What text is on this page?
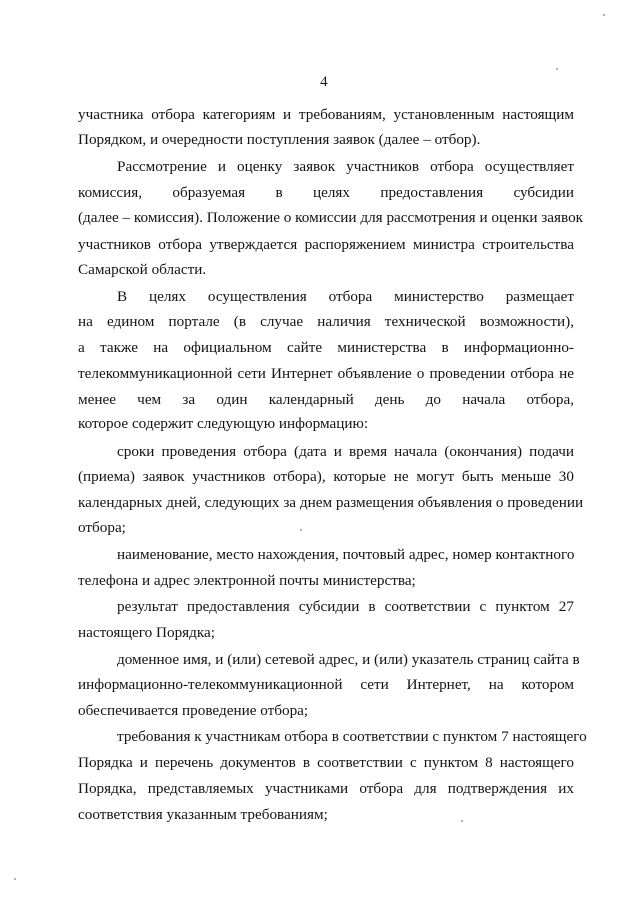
4
участника отбора категориям и требованиям, установленным настоящим
Порядком, и очередности поступления заявок (далее – отбор).
Рассмотрение и оценку заявок участников отбора осуществляет
комиссия, образуемая в целях предоставления субсидии
(далее – комиссия). Положение о комиссии для рассмотрения и оценки заявок
участников отбора утверждается распоряжением министра строительства
Самарской области.
В целях осуществления отбора министерство размещает
на едином портале (в случае наличия технической возможности),
а также на официальном сайте министерства в информационно-
телекоммуникационной сети Интернет объявление о проведении отбора не
менее чем за один календарный день до начала отбора,
которое содержит следующую информацию:
сроки проведения отбора (дата и время начала (окончания) подачи
(приема) заявок участников отбора), которые не могут быть меньше 30
календарных дней, следующих за днем размещения объявления о проведении
отбора;
наименование, место нахождения, почтовый адрес, номер контактного
телефона и адрес электронной почты министерства;
результат предоставления субсидии в соответствии с пунктом 27
настоящего Порядка;
доменное имя, и (или) сетевой адрес, и (или) указатель страниц сайта в
информационно-телекоммуникационной сети Интернет, на котором
обеспечивается проведение отбора;
требования к участникам отбора в соответствии с пунктом 7 настоящего
Порядка и перечень документов в соответствии с пунктом 8 настоящего
Порядка, представляемых участниками отбора для подтверждения их
соответствия указанным требованиям;
